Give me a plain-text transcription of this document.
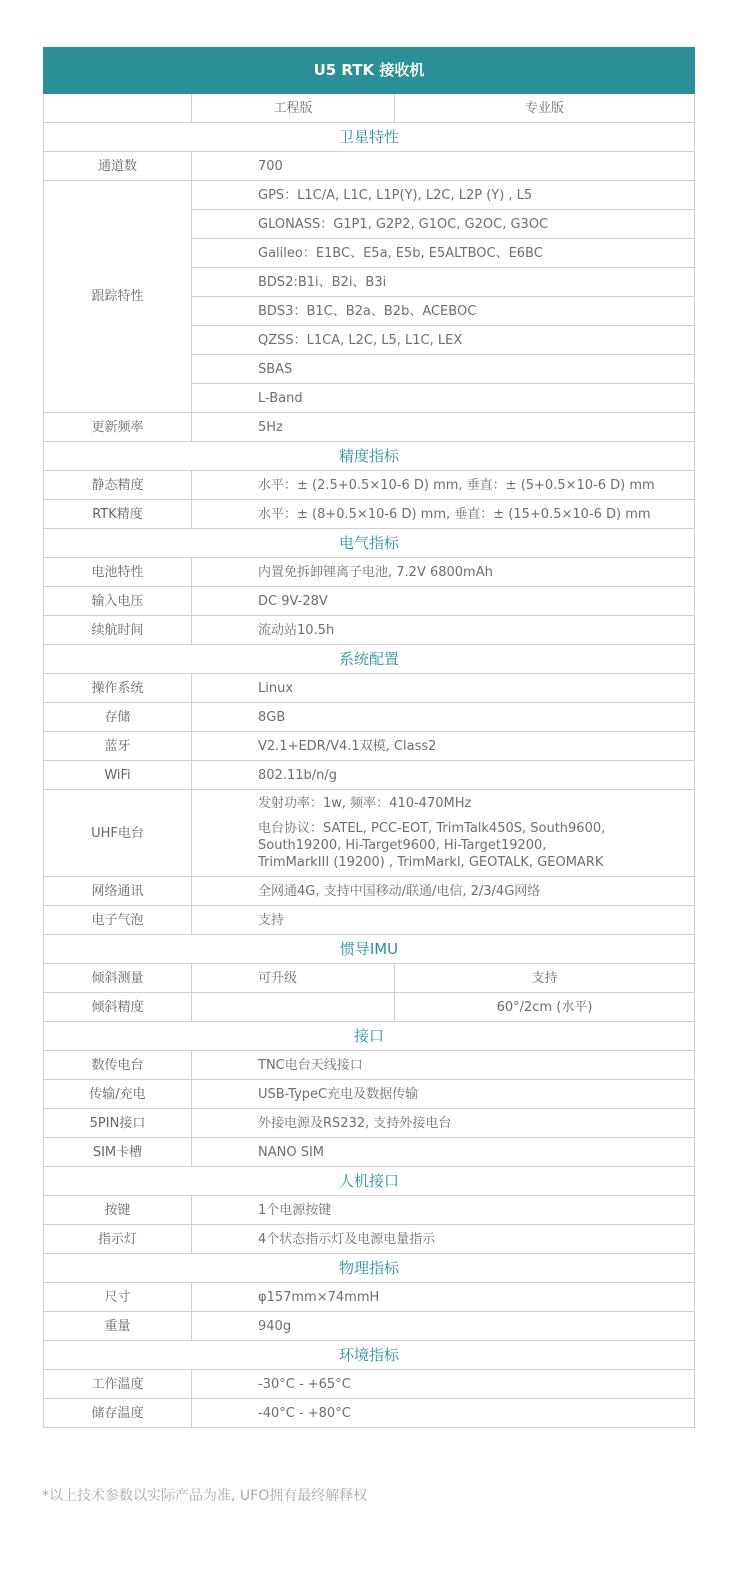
U5 RTK 接收机		
	工程版	专业版
卫星特性		
通道数	700	
跟踪特性	GPS：L1C/A, L1C, L1P(Y), L2C, L2P (Y) , L5	
	GLONASS：G1P1, G2P2, G1OC, G2OC, G3OC	
	Galileo：E1BC、E5a, E5b, E5ALTBOC、E6BC	
	BDS2:B1i、B2i、B3i	
	BDS3：B1C、B2a、B2b、ACEBOC	
	QZSS：L1CA, L2C, L5, L1C, LEX	
	SBAS	
	L-Band	
更新频率	5Hz	
精度指标		
静态精度	水平：± (2.5+0.5×10-6 D) mm, 垂直：± (5+0.5×10-6 D) mm	
RTK精度	水平：± (8+0.5×10-6 D) mm, 垂直：± (15+0.5×10-6 D) mm	
电气指标		
电池特性	内置免拆卸锂离子电池, 7.2V 6800mAh	
输入电压	DC 9V-28V	
续航时间	流动站10.5h	
系统配置		
操作系统	Linux	
存储	8GB	
蓝牙	V2.1+EDR/V4.1双模, Class2	
WiFi	802.11b/n/g	
UHF电台	发射功率：1w, 频率：410-470MHz
电台协议：SATEL, PCC-EOT, TrimTalk450S, South9600,
South19200, Hi-Target9600, Hi-Target19200,
TrimMarkIII (19200) , TrimMarkl, GEOTALK, GEOMARK	

网络通讯	全网通4G, 支持中国移动/联通/电信, 2/3/4G网络	
电子气泡	支持	
惯导IMU		
倾斜测量	可升级	支持
倾斜精度		60°/2cm (水平)
接口		
数传电台	TNC电台天线接口	
传输/充电	USB-TypeC充电及数据传输	
5PIN接口	外接电源及RS232, 支持外接电台	
SIM卡槽	NANO SIM	
人机接口		
按键	1个电源按键	
指示灯	4个状态指示灯及电源电量指示	
物理指标		
尺寸	φ157mm×74mmH	
重量	940g	
环境指标		
工作温度	-30°C - +65°C	
储存温度	-40°C - +80°C	
*以上技术参数以实际产品为准, UFO拥有最终解释权
